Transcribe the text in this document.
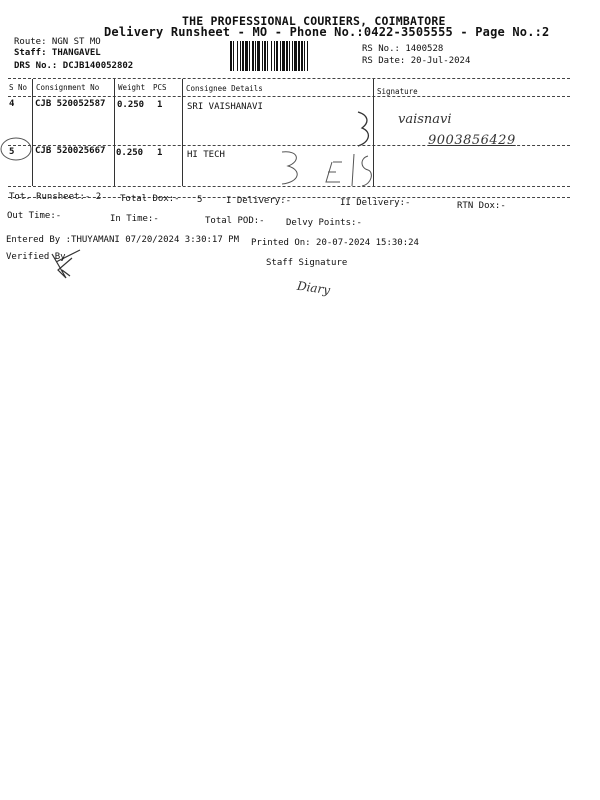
THE PROFESSIONAL COURIERS, COIMBATORE
Delivery Runsheet - MO - Phone No.:0422-3505555 - Page No.:2
Route: NGN ST MO
Staff: THANGAVEL
DRS No.: DCJB140052802
RS No.: 1400528
RS Date: 20-Jul-2024
S No Consignment No	Weight PCS	Consignee Details	Signature
4 CJB 520052587 0.250 1	SRI VAISHANAVI
vaisnavi
9003856429
5 CJB 520025667 0.250 1	HI TECH
Tot. Runsheet:- 2 Total Dox:- 5	I Delivery:-	II Delivery:-	RTN Dox:-
Out Time:-	In Time:-	Total POD:- Delvy Points:-
Entered By :THUYAMANI 07/20/2024 3:30:17 PM Printed On: 20-07-2024 15:30:24
Verified By
Staff Signature
Diary
